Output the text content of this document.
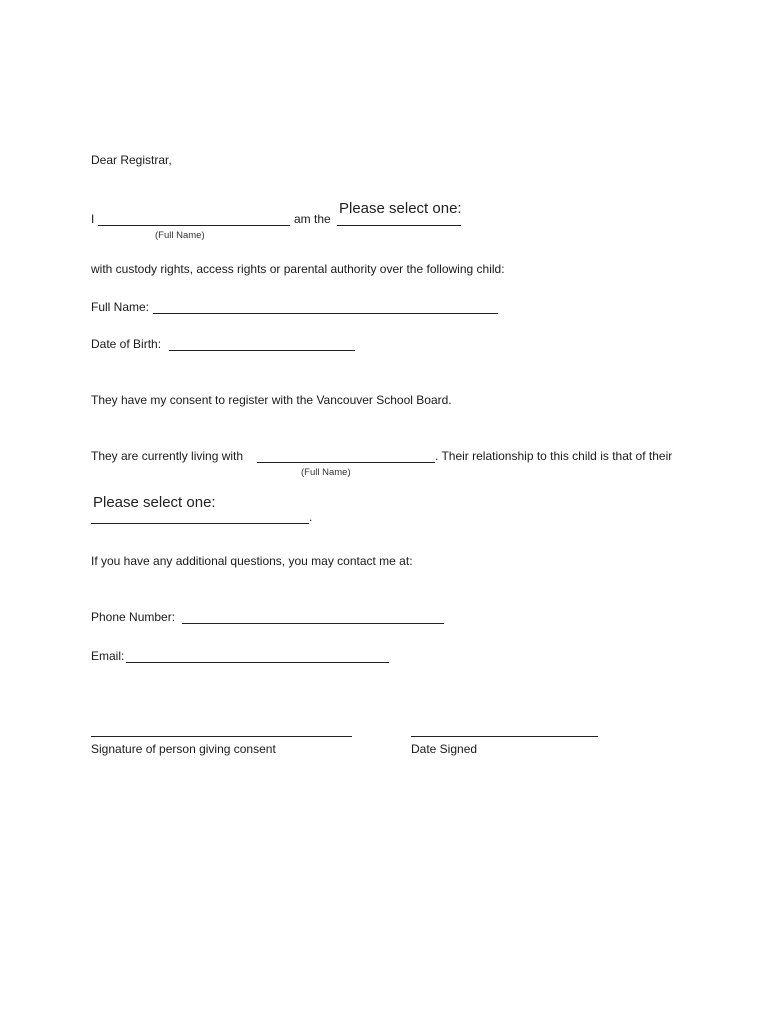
Dear Registrar,
I	am the
Please select one:
(Full Name)
with custody rights, access rights or parental authority over the following child:
Full Name:
Date of Birth:
They have my consent to register with the Vancouver School Board.
They are currently living with	. Their relationship to this child is that of their
(Full Name)
Please select one:
.
If you have any additional questions, you may contact me at:
Phone Number:
Email:
Signature of person giving consent	Date Signed
